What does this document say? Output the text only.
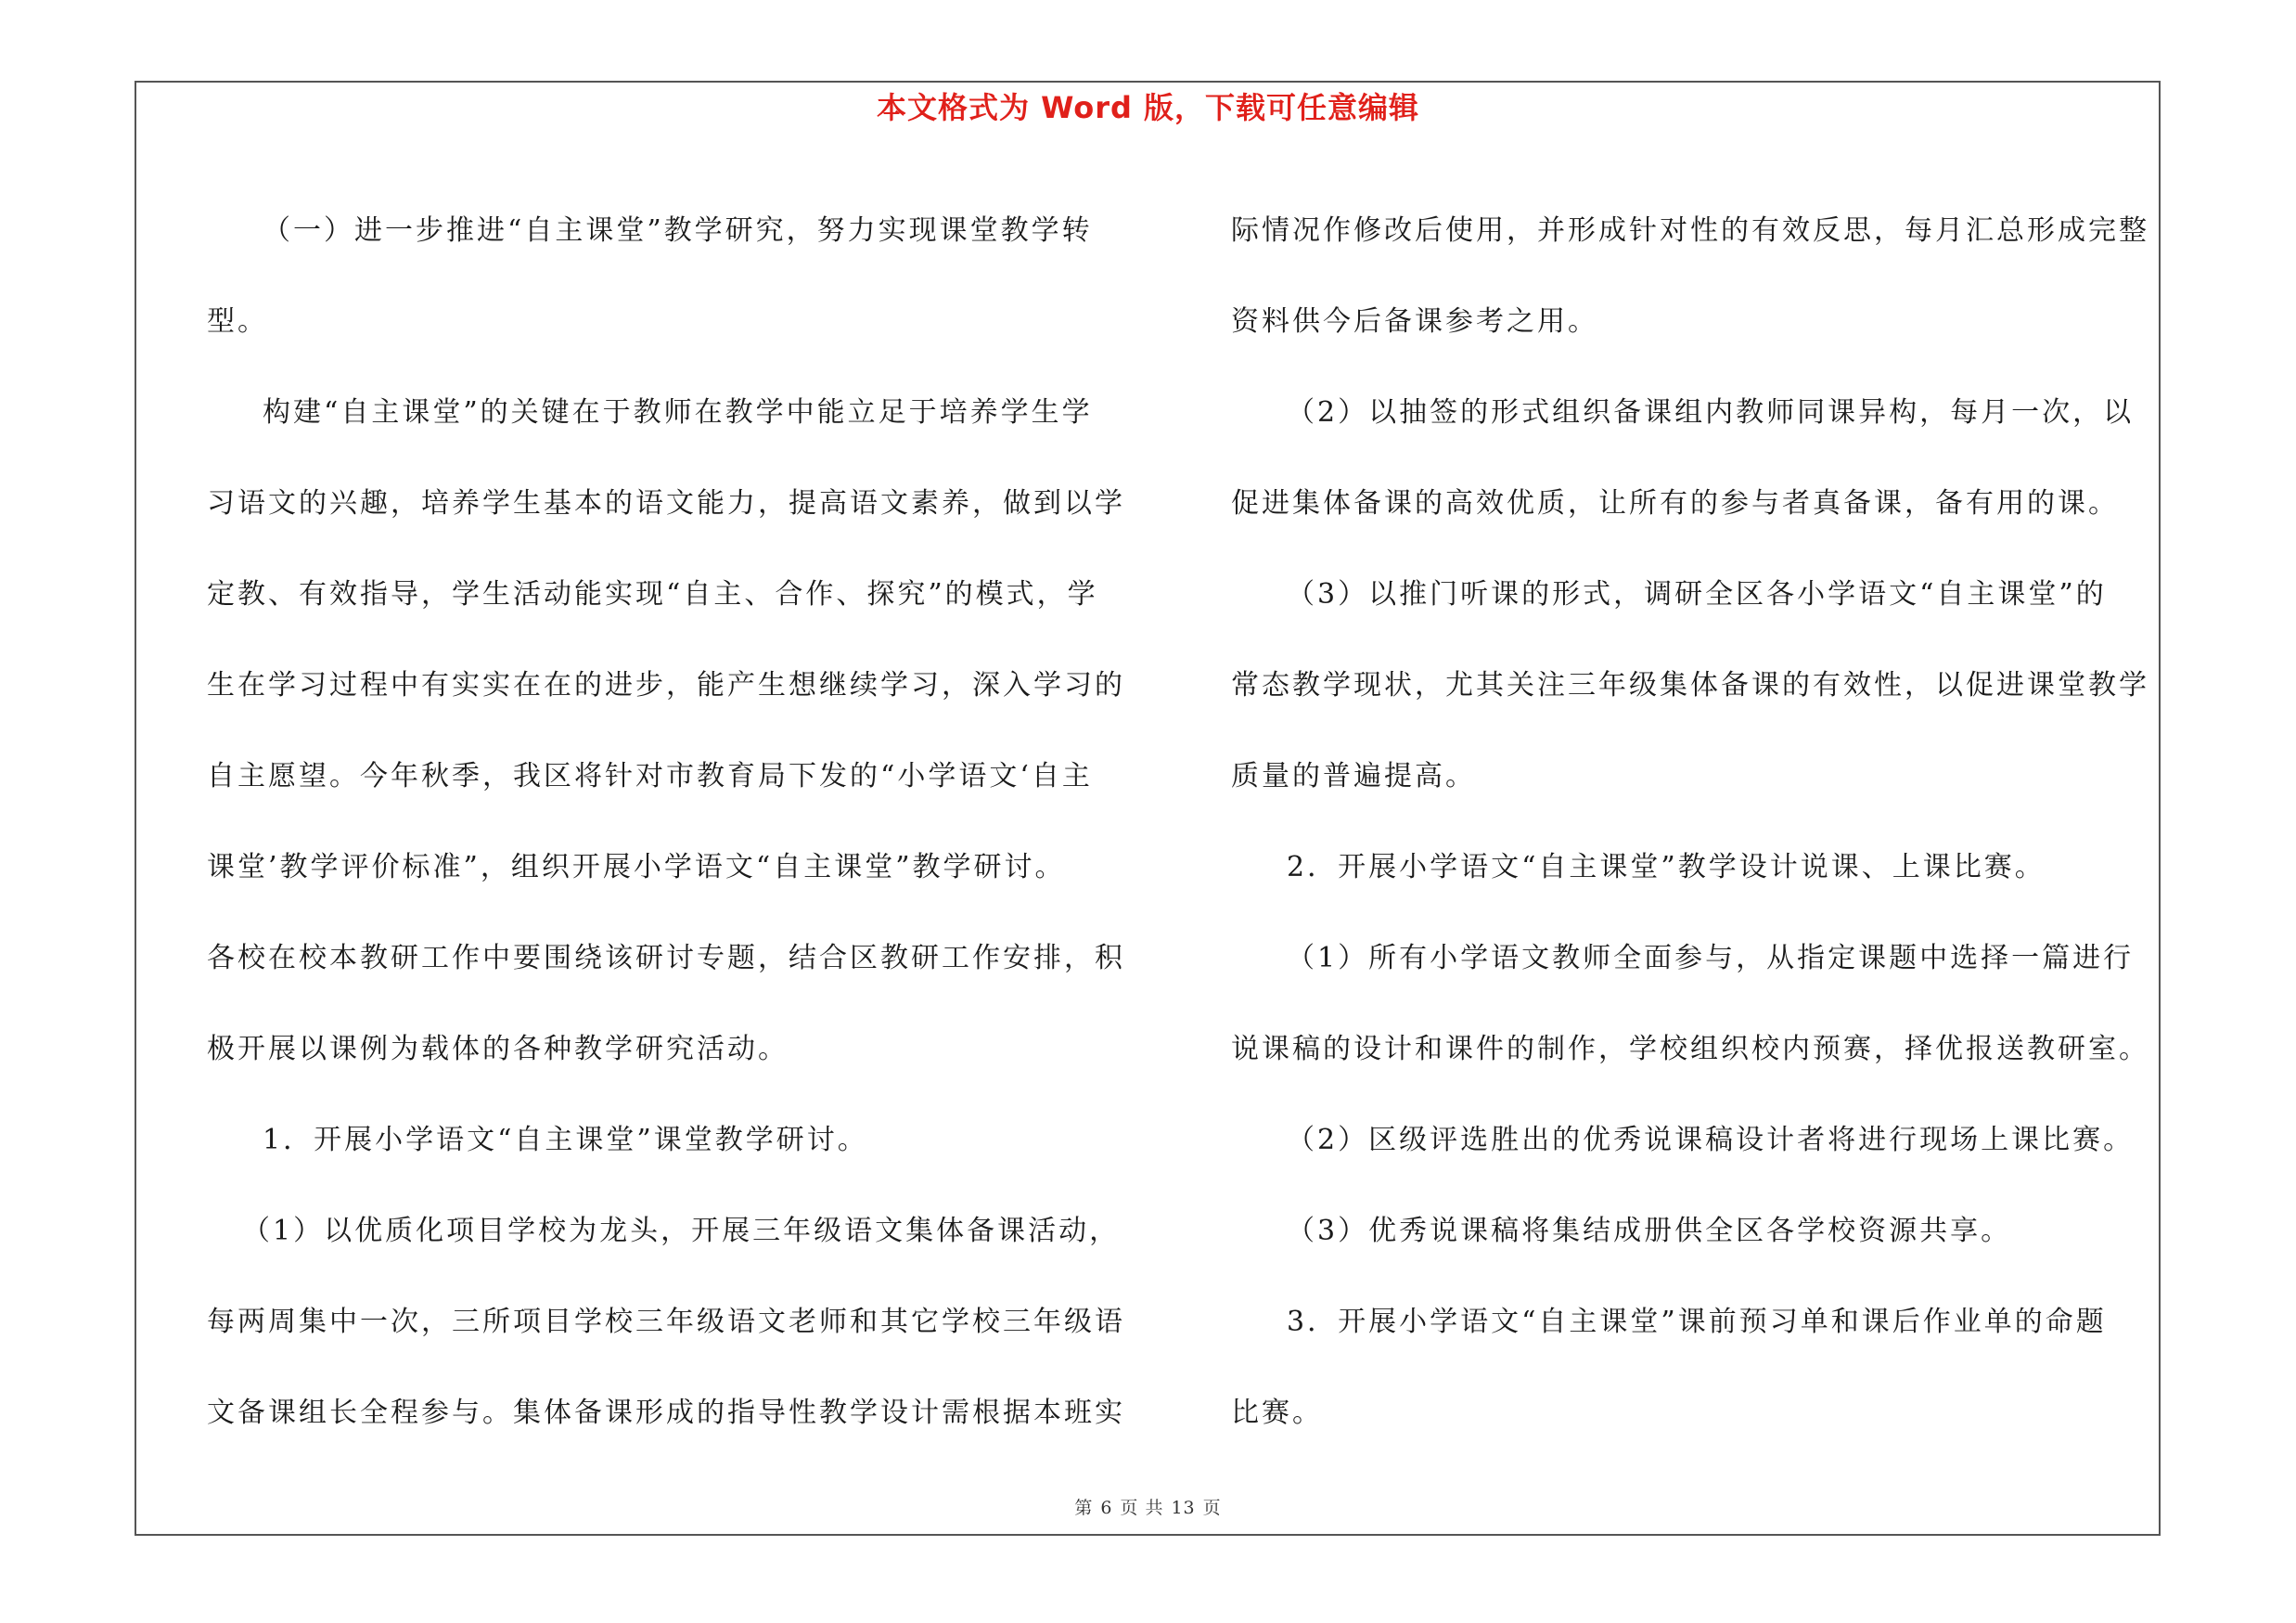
本文格式为 Word 版，下载可任意编辑

（一）进一步推进“自主课堂”教学研究，努力实现课堂教学转
型。
构建“自主课堂”的关键在于教师在教学中能立足于培养学生学
习语文的兴趣，培养学生基本的语文能力，提高语文素养，做到以学
定教、有效指导，学生活动能实现“自主、合作、探究”的模式，学
生在学习过程中有实实在在的进步，能产生想继续学习，深入学习的
自主愿望。今年秋季，我区将针对市教育局下发的“小学语文‘自主
课堂’教学评价标准”，组织开展小学语文“自主课堂”教学研讨。
各校在校本教研工作中要围绕该研讨专题，结合区教研工作安排，积
极开展以课例为载体的各种教学研究活动。
1．开展小学语文“自主课堂”课堂教学研讨。
（1）以优质化项目学校为龙头，开展三年级语文集体备课活动，
每两周集中一次，三所项目学校三年级语文老师和其它学校三年级语
文备课组长全程参与。集体备课形成的指导性教学设计需根据本班实

际情况作修改后使用，并形成针对性的有效反思，每月汇总形成完整
资料供今后备课参考之用。
（2）以抽签的形式组织备课组内教师同课异构，每月一次，以
促进集体备课的高效优质，让所有的参与者真备课，备有用的课。
（3）以推门听课的形式，调研全区各小学语文“自主课堂”的
常态教学现状，尤其关注三年级集体备课的有效性，以促进课堂教学
质量的普遍提高。
2．开展小学语文“自主课堂”教学设计说课、上课比赛。
（1）所有小学语文教师全面参与，从指定课题中选择一篇进行
说课稿的设计和课件的制作，学校组织校内预赛，择优报送教研室。
（2）区级评选胜出的优秀说课稿设计者将进行现场上课比赛。
（3）优秀说课稿将集结成册供全区各学校资源共享。
3．开展小学语文“自主课堂”课前预习单和课后作业单的命题
比赛。

第 6 页 共 13 页
